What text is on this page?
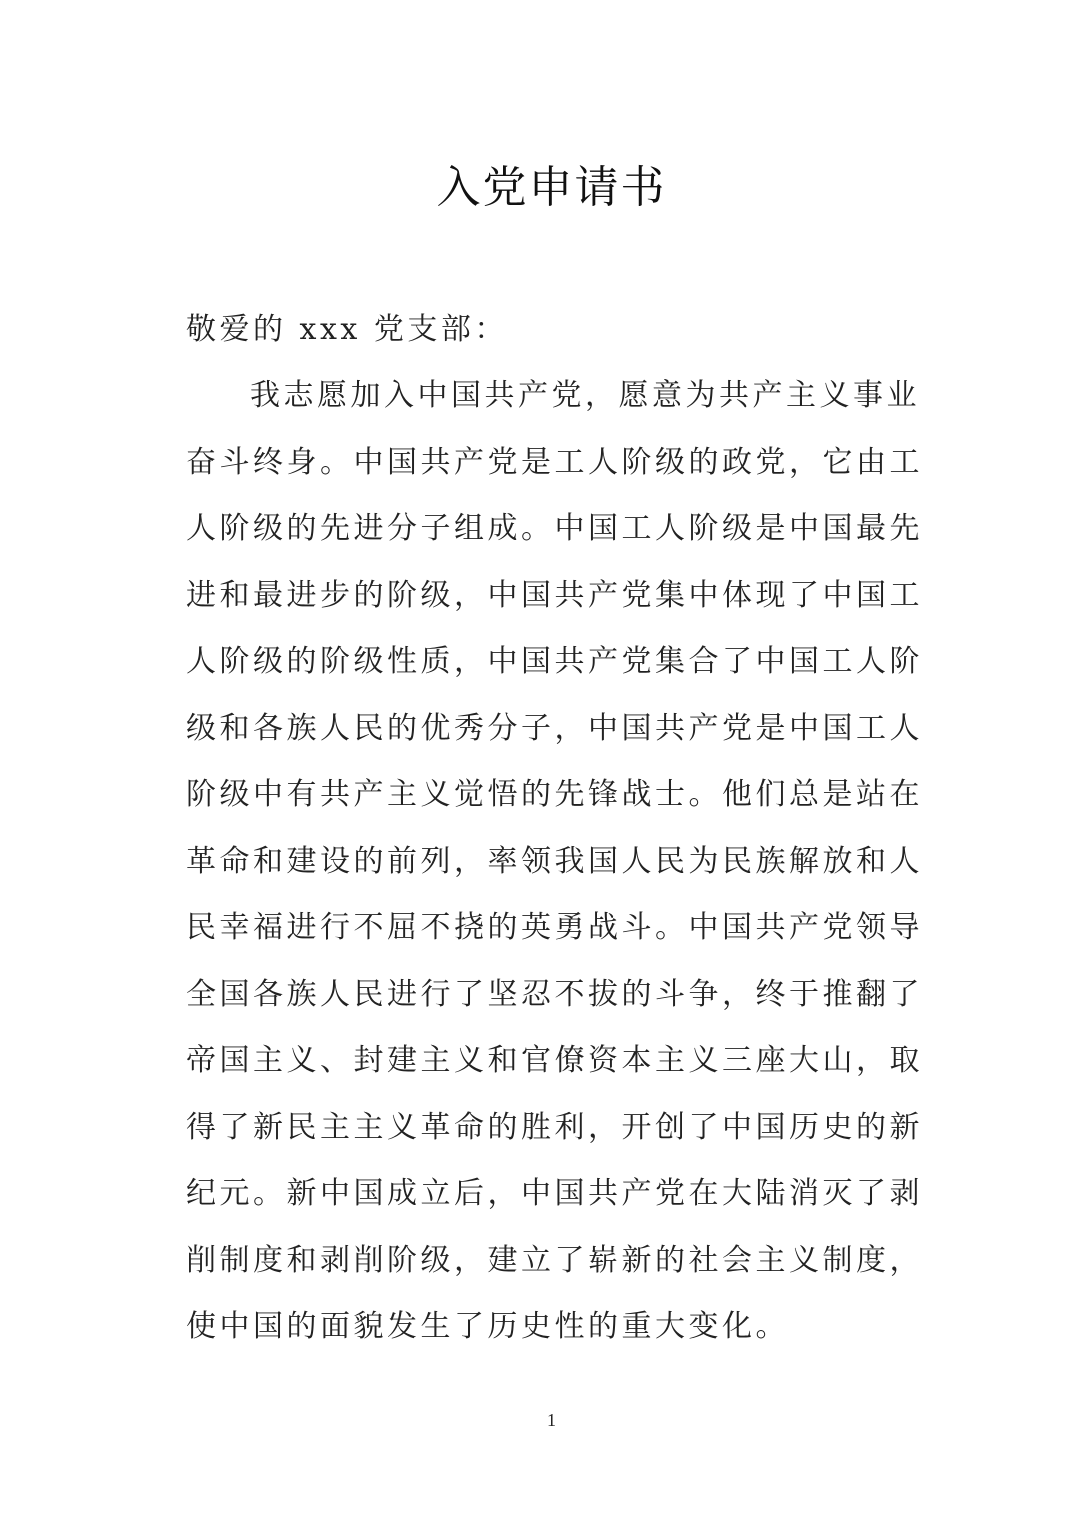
入党申请书

敬爱的 xxx 党支部：

我志愿加入中国共产党，愿意为共产主义事业
奋斗终身。中国共产党是工人阶级的政党，它由工
人阶级的先进分子组成。中国工人阶级是中国最先
进和最进步的阶级，中国共产党集中体现了中国工
人阶级的阶级性质，中国共产党集合了中国工人阶
级和各族人民的优秀分子，中国共产党是中国工人
阶级中有共产主义觉悟的先锋战士。他们总是站在
革命和建设的前列，率领我国人民为民族解放和人
民幸福进行不屈不挠的英勇战斗。中国共产党领导
全国各族人民进行了坚忍不拔的斗争，终于推翻了
帝国主义、封建主义和官僚资本主义三座大山，取
得了新民主主义革命的胜利，开创了中国历史的新
纪元。新中国成立后，中国共产党在大陆消灭了剥
削制度和剥削阶级，建立了崭新的社会主义制度，
使中国的面貌发生了历史性的重大变化。
1
